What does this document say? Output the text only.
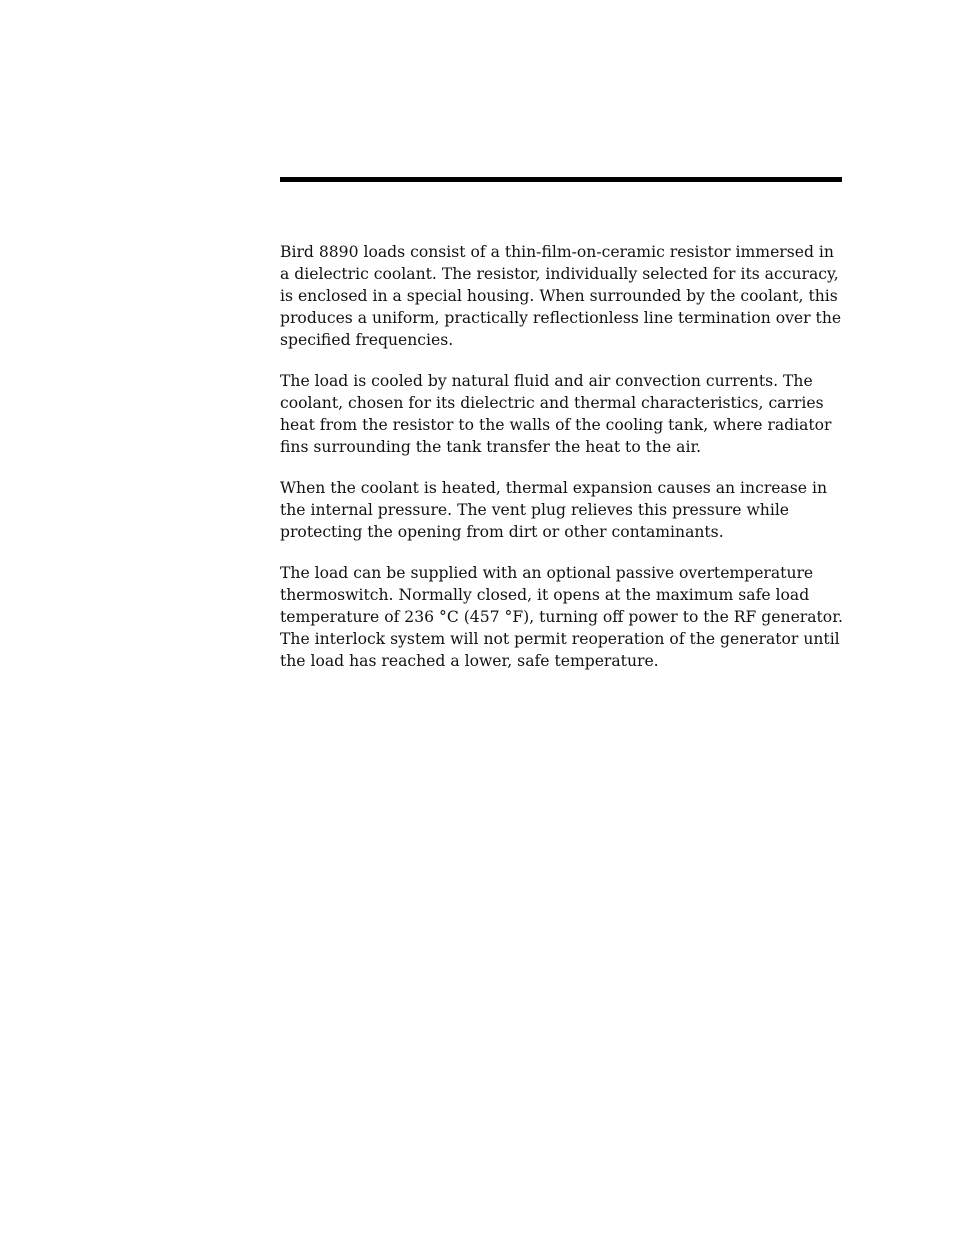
Bird 8890 loads consist of a thin-film-on-ceramic resistor immersed in a dielectric coolant. The resistor, individually selected for its accuracy, is enclosed in a special housing. When surrounded by the coolant, this produces a uniform, practically reflectionless line termination over the specified frequencies.

The load is cooled by natural fluid and air convection currents. The coolant, chosen for its dielectric and thermal characteristics, carries heat from the resistor to the walls of the cooling tank, where radiator fins surrounding the tank transfer the heat to the air.

When the coolant is heated, thermal expansion causes an increase in the internal pressure. The vent plug relieves this pressure while protecting the opening from dirt or other contaminants.

The load can be supplied with an optional passive overtemperature thermoswitch. Normally closed, it opens at the maximum safe load temperature of 236 °C (457 °F), turning off power to the RF generator. The interlock system will not permit reoperation of the generator until the load has reached a lower, safe temperature.
